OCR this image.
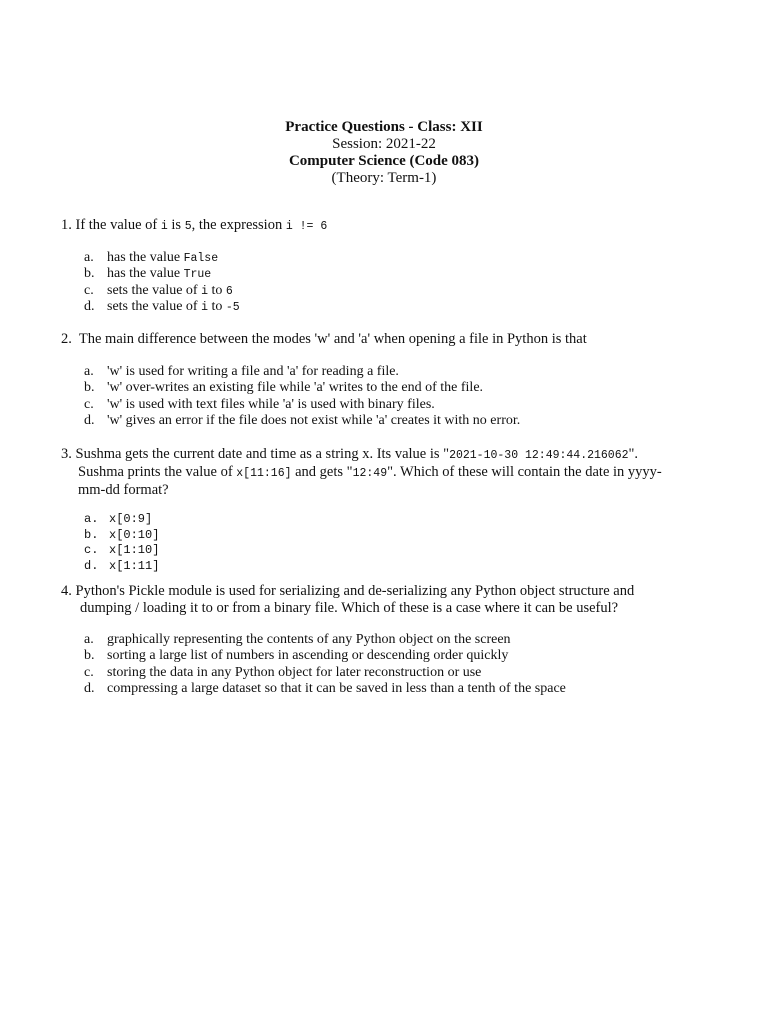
Practice Questions - Class: XII
Session: 2021-22
Computer Science (Code 083)
(Theory: Term-1)
1. If the value of i is 5, the expression i != 6
a. has the value False
b. has the value True
c. sets the value of i to 6
d. sets the value of i to -5
2. The main difference between the modes 'w' and 'a' when opening a file in Python is that
a. 'w' is used for writing a file and 'a' for reading a file.
b. 'w' over-writes an existing file while 'a' writes to the end of the file.
c. 'w' is used with text files while 'a' is used with binary files.
d. 'w' gives an error if the file does not exist while 'a' creates it with no error.
3. Sushma gets the current date and time as a string x. Its value is "2021-10-30 12:49:44.216062".
Sushma prints the value of x[11:16] and gets "12:49". Which of these will contain the date in yyyy-
mm-dd format?
a. x[0:9]
b. x[0:10]
c. x[1:10]
d. x[1:11]
4. Python's Pickle module is used for serializing and de-serializing any Python object structure and
dumping / loading it to or from a binary file. Which of these is a case where it can be useful?
a. graphically representing the contents of any Python object on the screen
b. sorting a large list of numbers in ascending or descending order quickly
c. storing the data in any Python object for later reconstruction or use
d. compressing a large dataset so that it can be saved in less than a tenth of the space
